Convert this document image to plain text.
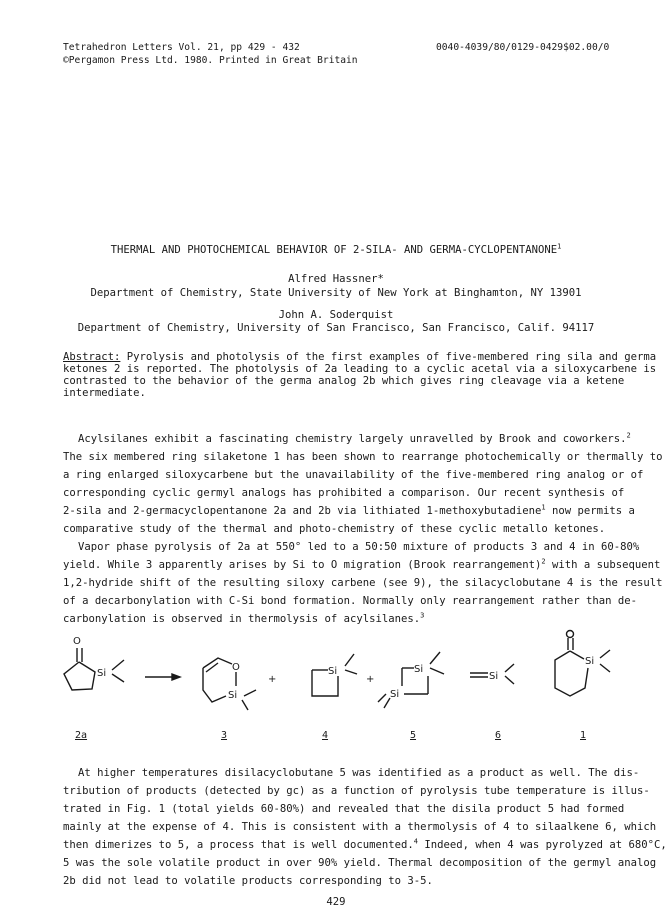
Tetrahedron Letters Vol. 21, pp 429 - 432
©Pergamon Press Ltd. 1980. Printed in Great Britain
0040-4039/80/0129-0429$02.00/0
THERMAL AND PHOTOCHEMICAL BEHAVIOR OF 2-SILA- AND GERMA-CYCLOPENTANONE$^1$
Alfred Hassner*
Department of Chemistry, State University of New York at Binghamton, NY 13901
John A. Soderquist
Department of Chemistry, University of San Francisco, San Francisco, Calif. 94117
Abstract: Pyrolysis and photolysis of the first examples of five-membered ring sila and germa
ketones 2 is reported. The photolysis of 2a leading to a cyclic acetal via a siloxycarbene is
contrasted to the behavior of the germa analog 2b which gives ring cleavage via a ketene
intermediate.
Acylsilanes exhibit a fascinating chemistry largely unravelled by Brook and coworkers.$^2$
The six membered ring silaketone 1 has been shown to rearrange photochemically or thermally to
a ring enlarged siloxycarbene but the unavailability of the five-membered ring analog or of
corresponding cyclic germyl analogs has prohibited a comparison. Our recent synthesis of
2-sila and 2-germacyclopentanone 2a and 2b via lithiated 1-methoxybutadiene$^1$ now permits a
comparative study of the thermal and photo-chemistry of these cyclic metallo ketones.
Vapor phase pyrolysis of 2a at 550° led to a 50:50 mixture of products 3 and 4 in 60-80%
yield. While 3 apparently arises by Si to O migration (Brook rearrangement)$^2$ with a subsequent
1,2-hydride shift of the resulting siloxy carbene (see 9), the silacyclobutane 4 is the result
of a decarbonylation with C-Si bond formation. Normally only rearrangement rather than de-
carbonylation is observed in thermolysis of acylsilanes.$^3$
O
Si
O
Si
+
Si
+
Si
Si
Si
Si
2a	3	4	5	6	1
At higher temperatures disilacyclobutane 5 was identified as a product as well. The dis-
tribution of products (detected by gc) as a function of pyrolysis tube temperature is illus-
trated in Fig. 1 (total yields 60-80%) and revealed that the disila product 5 had formed
mainly at the expense of 4. This is consistent with a thermolysis of 4 to silaalkene 6, which
then dimerizes to 5, a process that is well documented.$^4$ Indeed, when 4 was pyrolyzed at 680°C,
5 was the sole volatile product in over 90% yield. Thermal decomposition of the germyl analog
2b did not lead to volatile products corresponding to 3-5.
429
